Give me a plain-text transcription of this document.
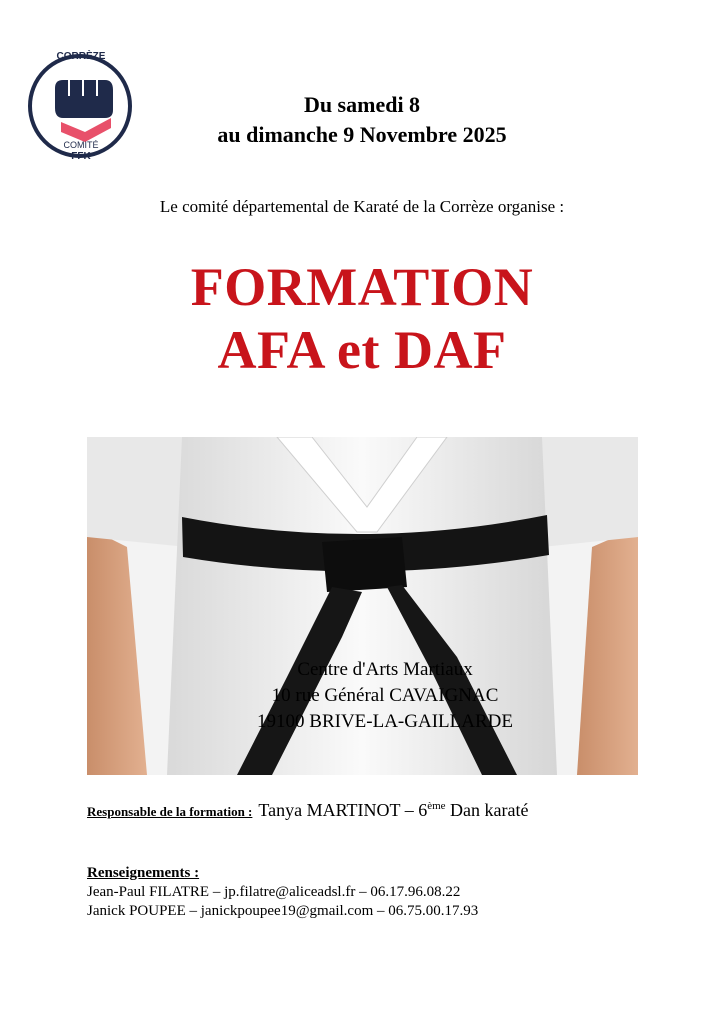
CORRÈZE
COMITÉ
FFK
Du samedi 8
au dimanche 9 Novembre 2025
Le comité départemental de Karaté de la Corrèze organise :
FORMATION
AFA et DAF
Centre d'Arts Martiaux
10 rue Général CAVAIGNAC
19100 BRIVE-LA-GAILLARDE
Responsable de la formation : Tanya MARTINOT – 6ème Dan karaté
Renseignements :
Jean-Paul FILATRE – jp.filatre@aliceadsl.fr – 06.17.96.08.22
Janick POUPEE – janickpoupee19@gmail.com – 06.75.00.17.93
